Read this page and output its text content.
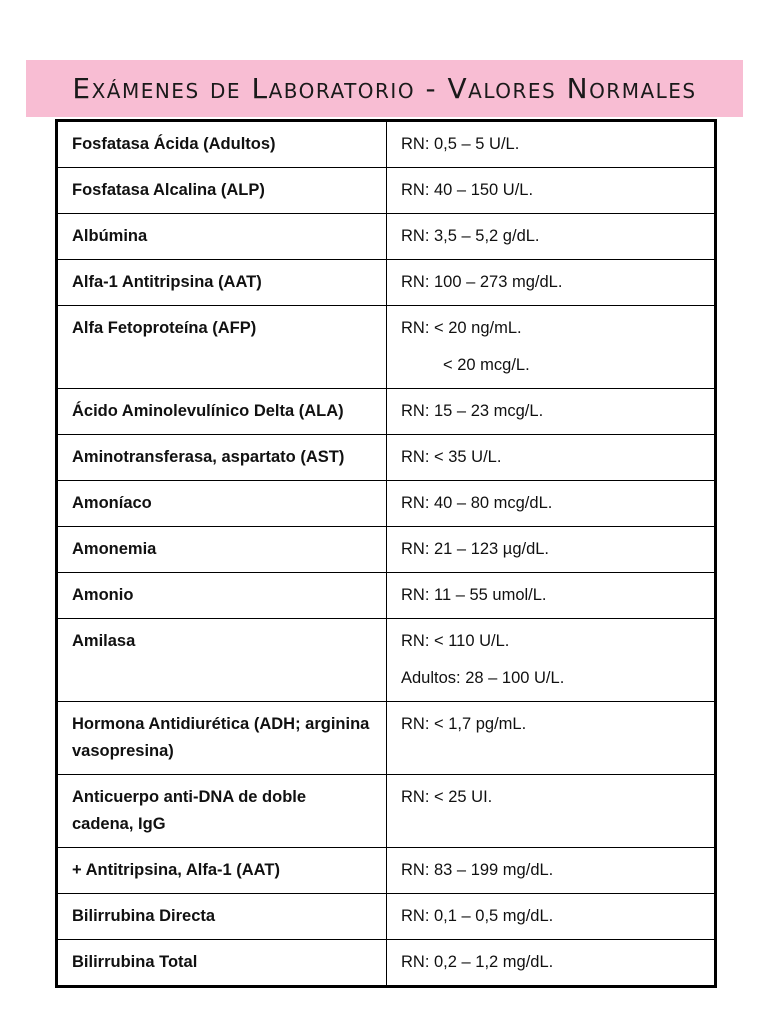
Exámenes de Laboratorio - Valores Normales
Fosfatasa Ácida (Adultos)	RN: 0,5 – 5 U/L.

Fosfatasa Alcalina (ALP)	RN: 40 – 150 U/L.

Albúmina	RN: 3,5 – 5,2 g/dL.

Alfa-1 Antitripsina (AAT)	RN: 100 – 273 mg/dL.

Alfa Fetoproteína (AFP)	RN: < 20 ng/mL.
< 20 mcg/L.

Ácido Aminolevulínico Delta (ALA)	RN: 15 – 23 mcg/L.

Aminotransferasa, aspartato (AST)	RN: < 35 U/L.

Amoníaco	RN: 40 – 80 mcg/dL.

Amonemia	RN: 21 – 123 µg/dL.

Amonio	RN: 11 – 55 umol/L.

Amilasa	RN: < 110 U/L.
Adultos: 28 – 100 U/L.

Hormona Antidiurética (ADH; arginina vasopresina)	RN: < 1,7 pg/mL.

Anticuerpo anti-DNA de doble cadena, IgG	RN: < 25 UI.

+ Antitripsina, Alfa-1 (AAT)	RN: 83 – 199 mg/dL.

Bilirrubina Directa	RN: 0,1 – 0,5 mg/dL.

Bilirrubina Total	RN: 0,2 – 1,2 mg/dL.
